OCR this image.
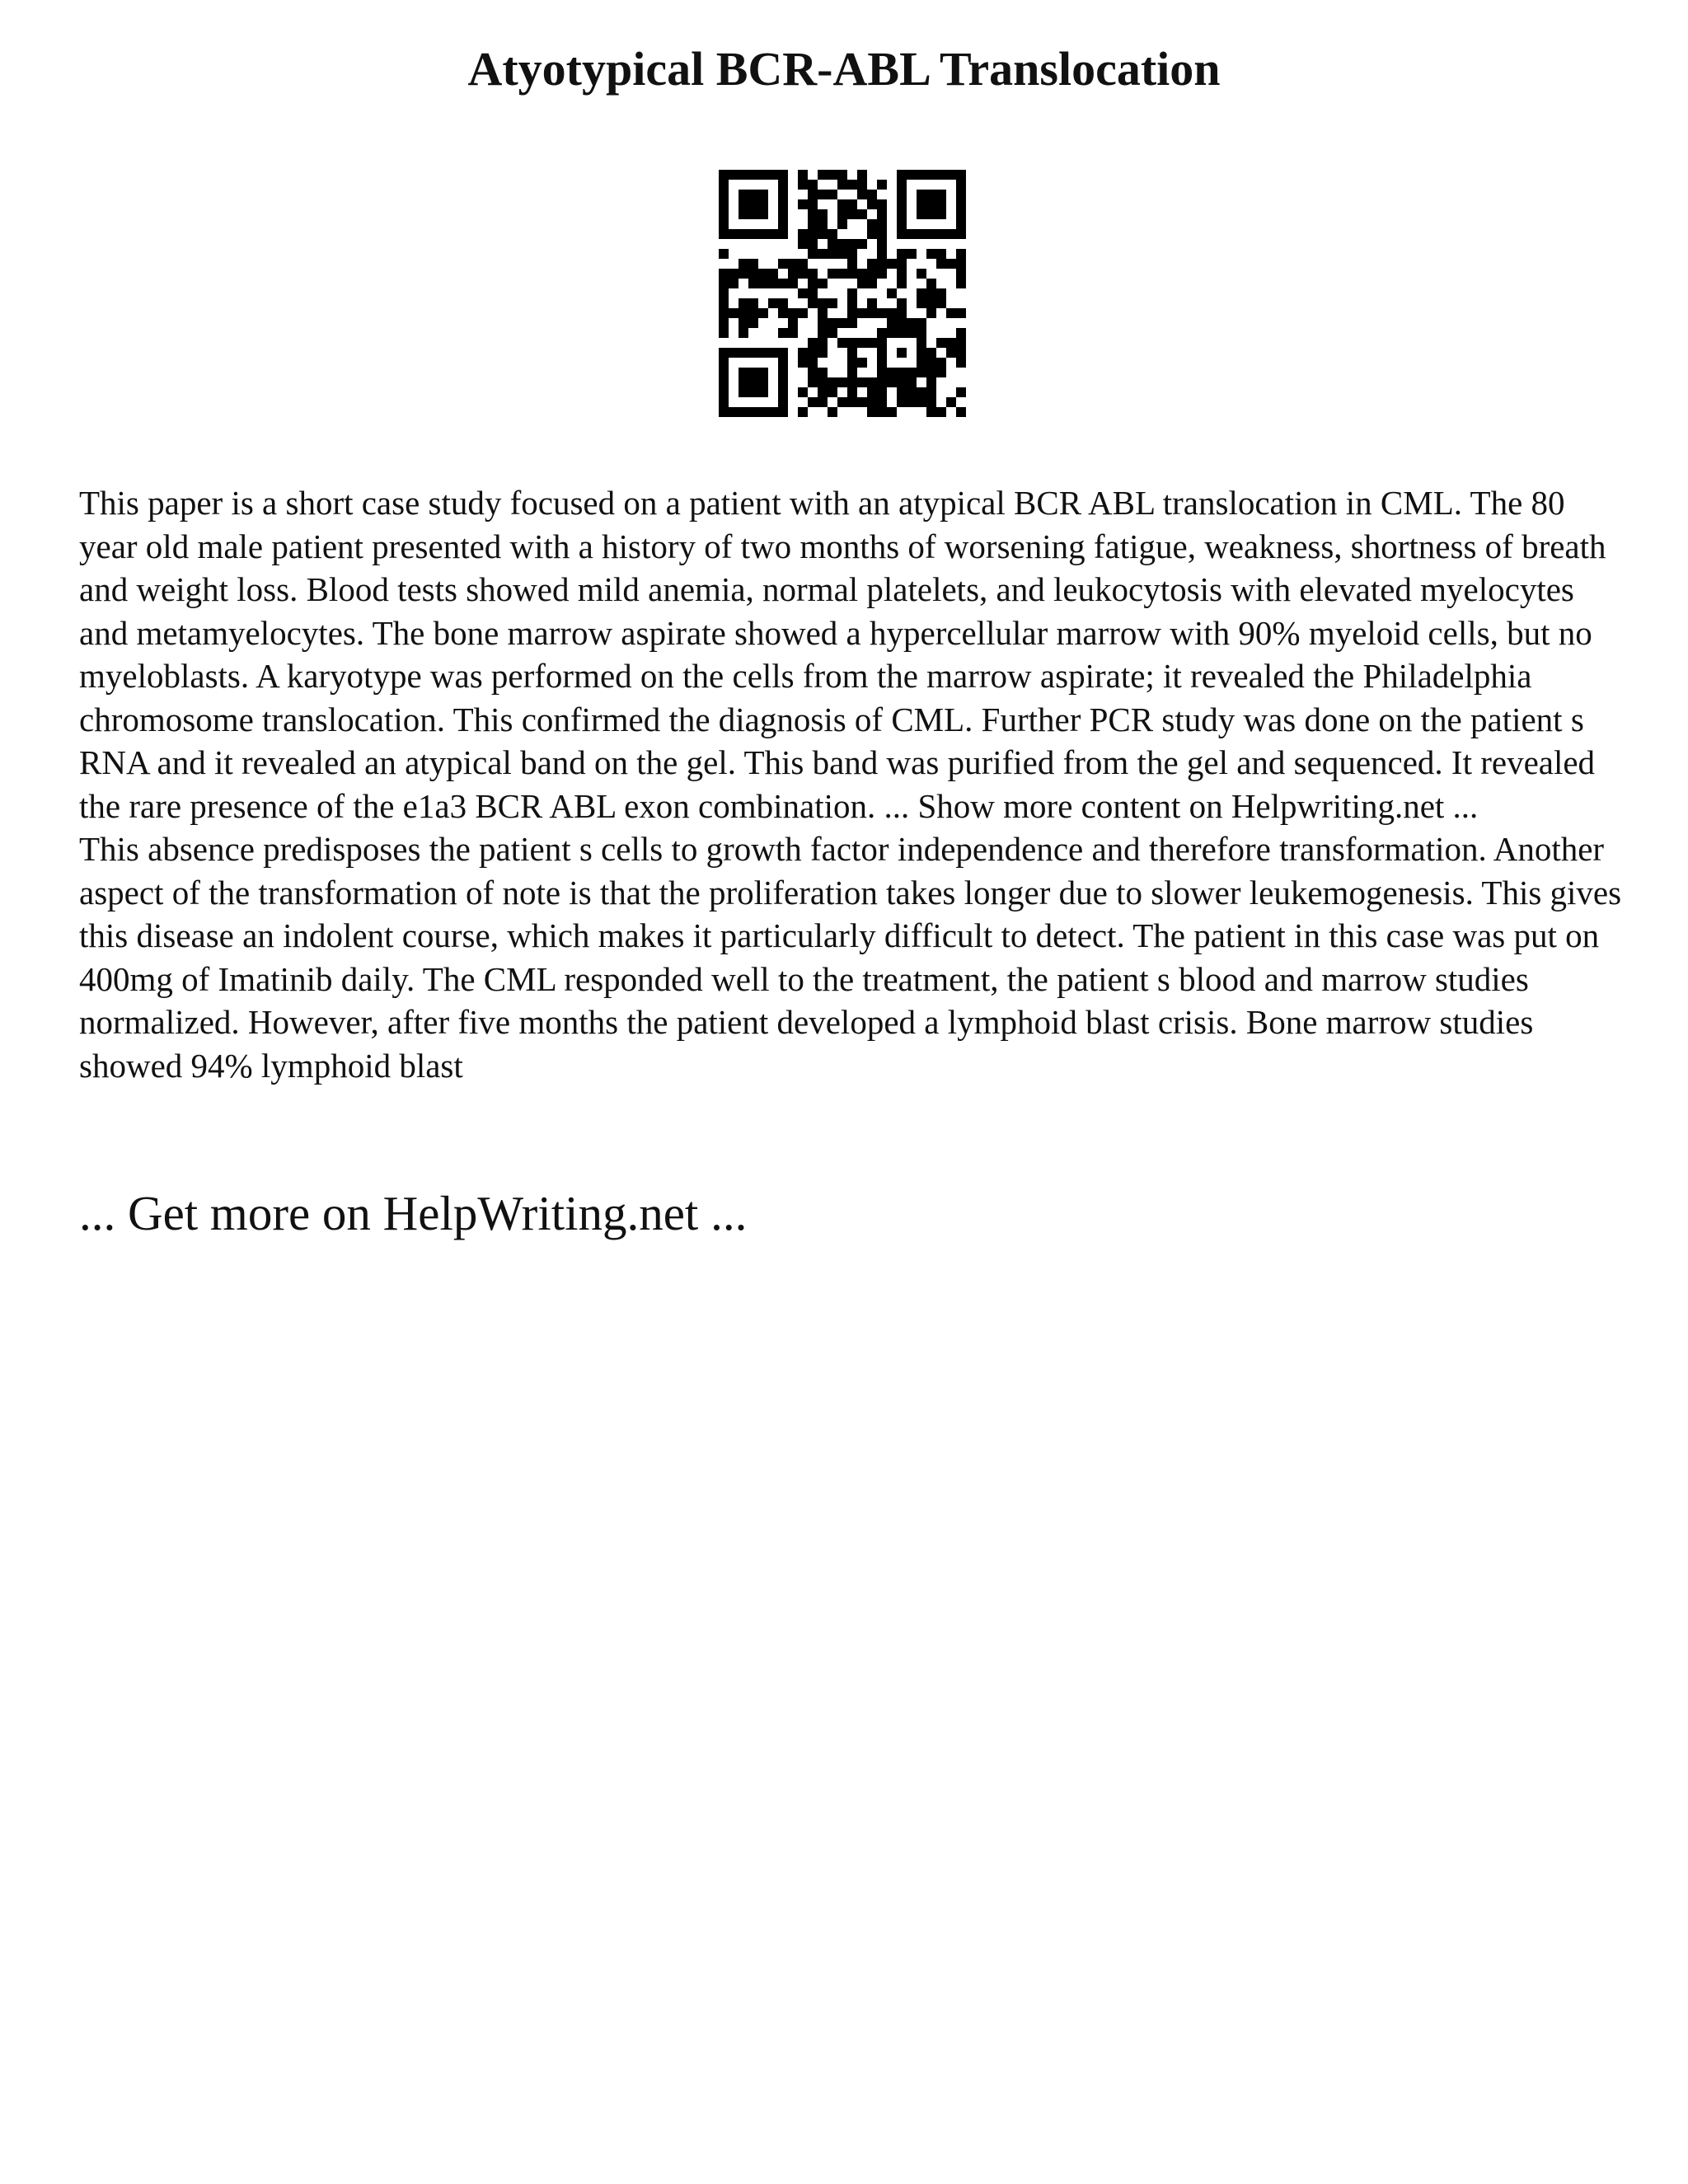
Atyotypical BCR-ABL Translocation

This paper is a short case study focused on a patient with an atypical BCR ABL translocation in CML. The 80 year old male patient presented with a history of two months of worsening fatigue, weakness, shortness of breath and weight loss. Blood tests showed mild anemia, normal platelets, and leukocytosis with elevated myelocytes and metamyelocytes. The bone marrow aspirate showed a hypercellular marrow with 90% myeloid cells, but no myeloblasts. A karyotype was performed on the cells from the marrow aspirate; it revealed the Philadelphia chromosome translocation. This confirmed the diagnosis of CML. Further PCR study was done on the patient s RNA and it revealed an atypical band on the gel. This band was purified from the gel and sequenced. It revealed the rare presence of the e1a3 BCR ABL exon combination. ... Show more content on Helpwriting.net ...

This absence predisposes the patient s cells to growth factor independence and therefore transformation. Another aspect of the transformation of note is that the proliferation takes longer due to slower leukemogenesis. This gives this disease an indolent course, which makes it particularly difficult to detect. The patient in this case was put on 400mg of Imatinib daily. The CML responded well to the treatment, the patient s blood and marrow studies normalized. However, after five months the patient developed a lymphoid blast crisis. Bone marrow studies showed 94% lymphoid blast

... Get more on HelpWriting.net ...
